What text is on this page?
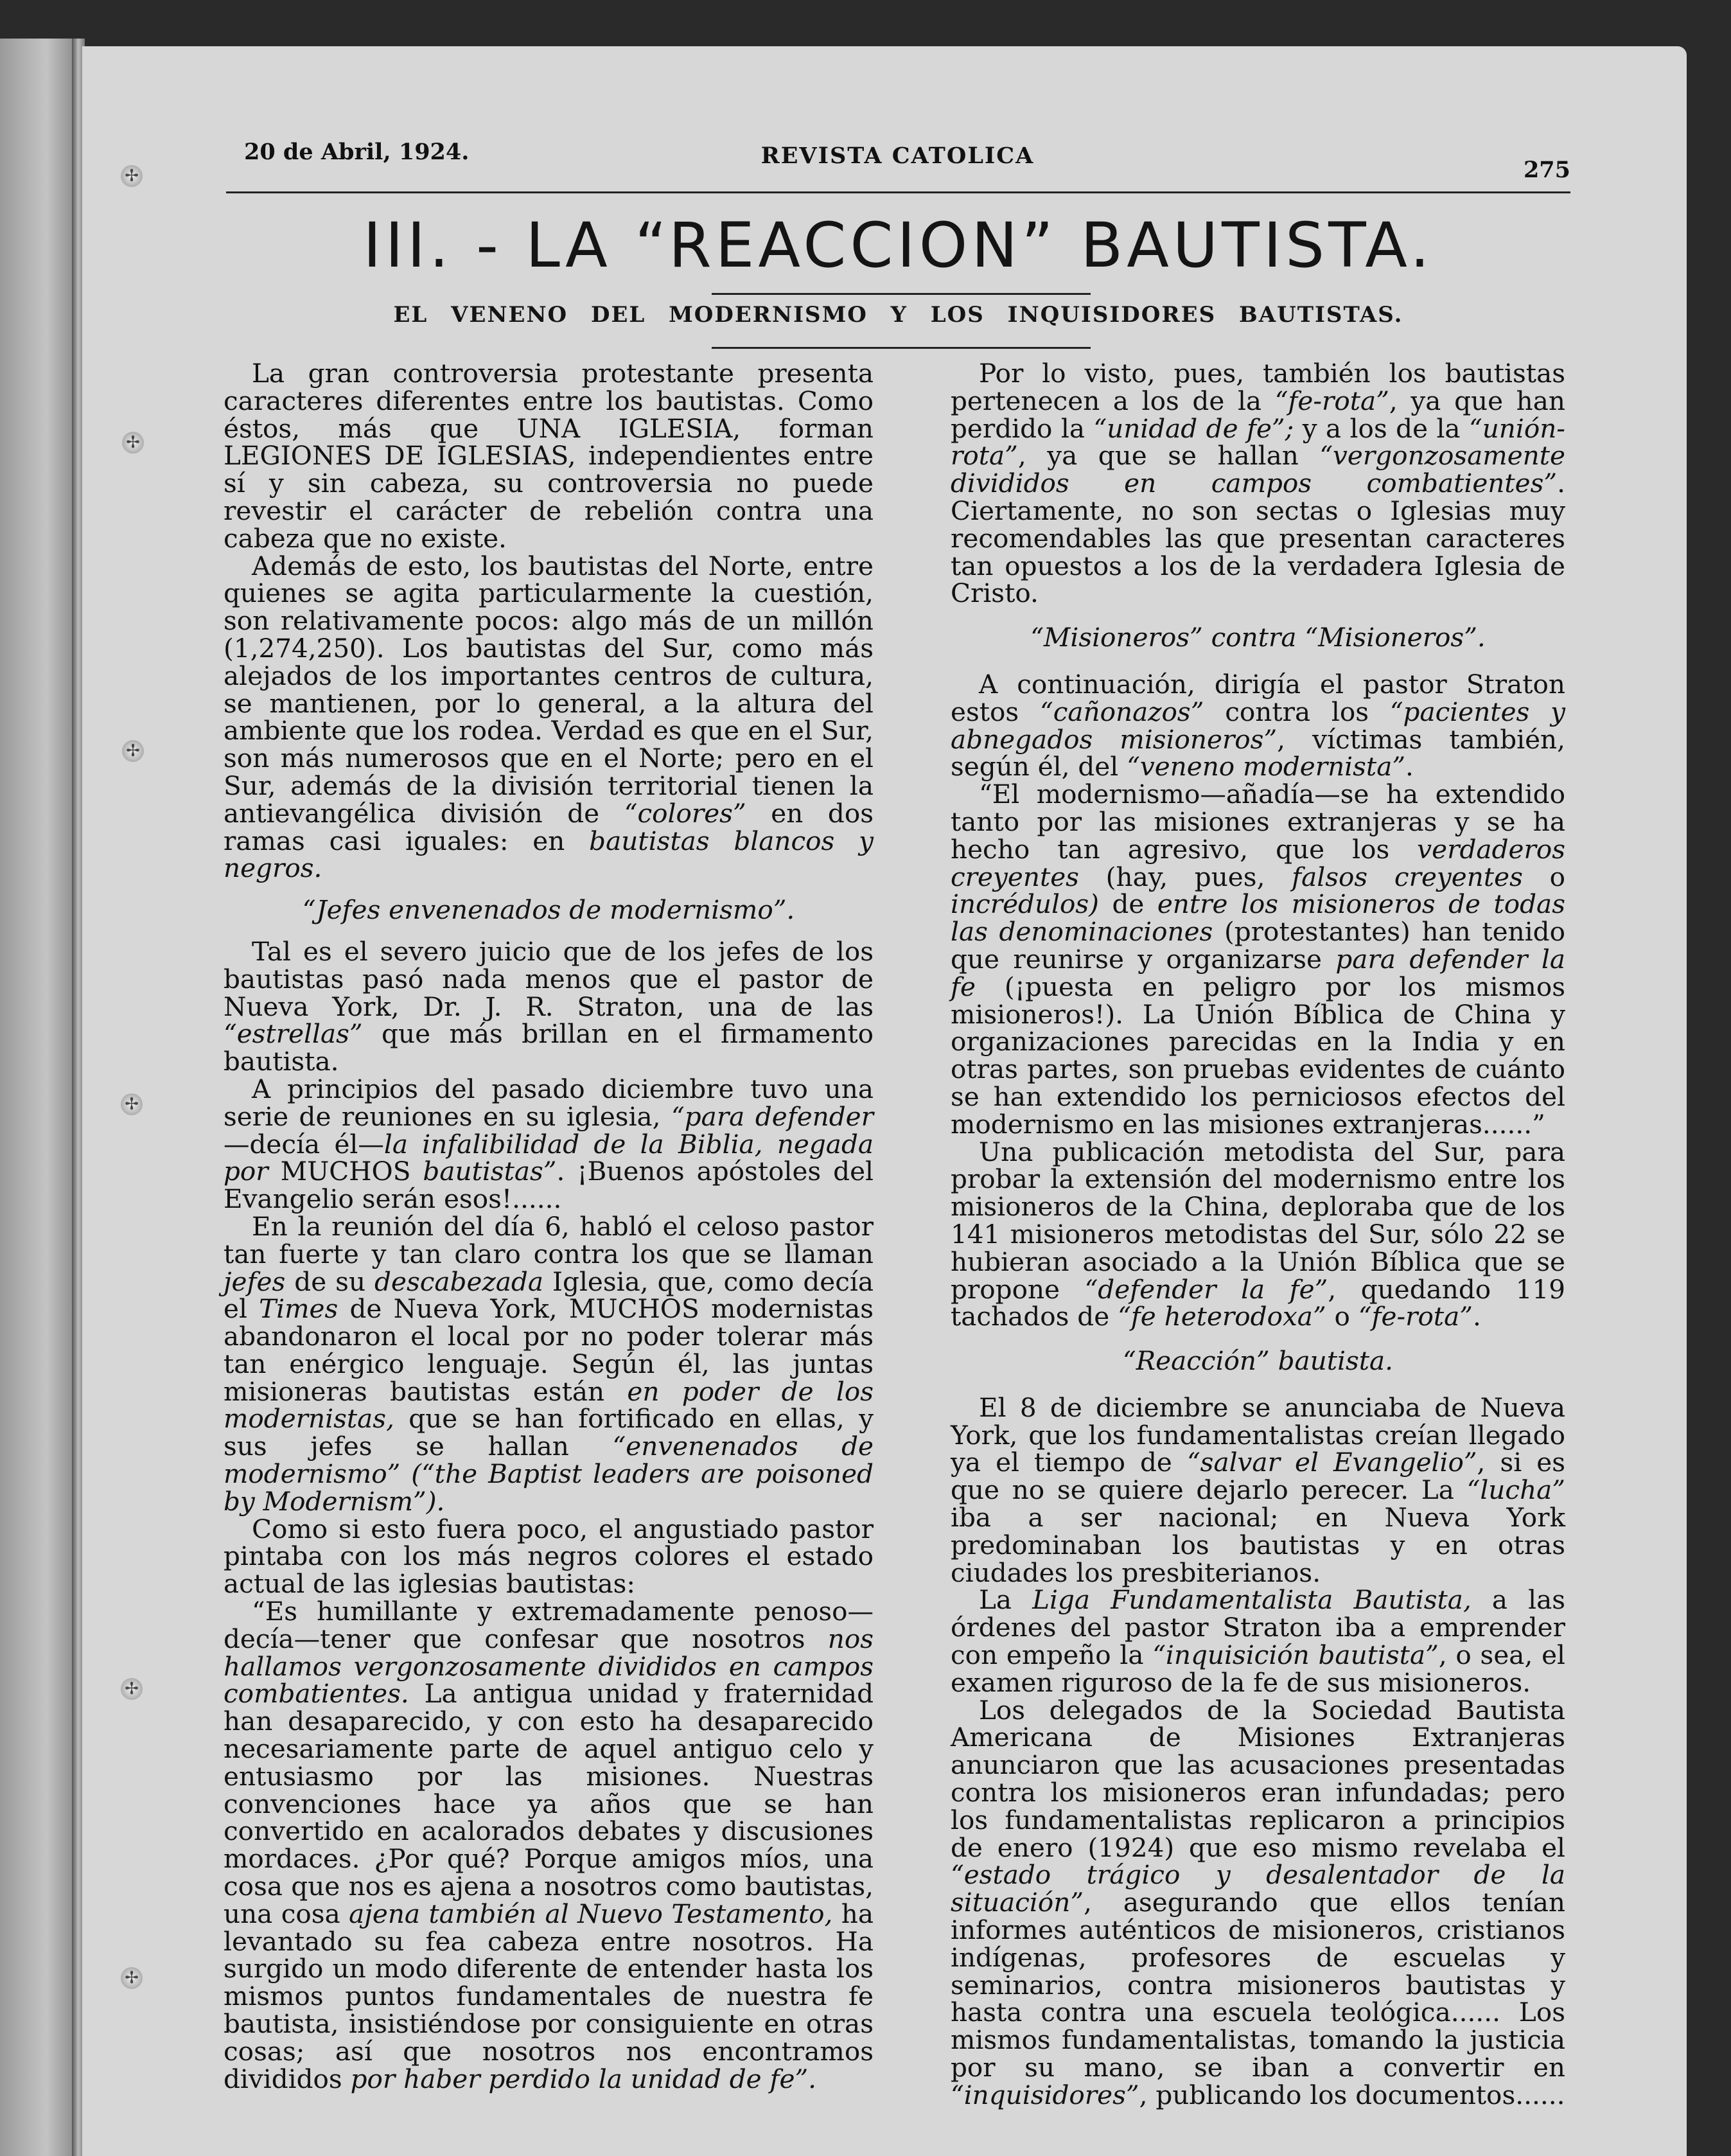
✢
✢
✢
✢
✢
✢
20 de Abril, 1924.	REVISTA CATOLICA
275
III. - LA “REACCION” BAUTISTA.
EL VENENO DEL MODERNISMO Y LOS INQUISIDORES BAUTISTAS.

La gran controversia protestante presenta caracteres diferentes entre los bautistas. Como éstos, más que UNA IGLESIA, forman LEGIONES DE IGLESIAS, independientes entre sí y sin cabeza, su controversia no puede revestir el carácter de rebelión contra una cabeza que no existe.

Además de esto, los bautistas del Norte, entre quienes se agita particularmente la cuestión, son relativamente pocos: algo más de un millón (1,274,250). Los bautistas del Sur, como más alejados de los importantes centros de cultura, se mantienen, por lo general, a la altura del ambiente que los rodea. Verdad es que en el Sur, son más numerosos que en el Norte; pero en el Sur, además de la división territorial tienen la antievangélica división de “colores” en dos ramas casi iguales: en bautistas blancos y negros.

“Jefes envenenados de modernismo”.

Tal es el severo juicio que de los jefes de los bautistas pasó nada menos que el pastor de Nueva York, Dr. J. R. Straton, una de las “estrellas” que más brillan en el firmamento bautista.

A principios del pasado diciembre tuvo una serie de reuniones en su iglesia, “para defender —decía él—la infalibilidad de la Biblia, negada por MUCHOS bautistas”. ¡Buenos apóstoles del Evangelio serán esos!......

En la reunión del día 6, habló el celoso pastor tan fuerte y tan claro contra los que se llaman jefes de su descabezada Iglesia, que, como decía el Times de Nueva York, MUCHOS modernistas abandonaron el local por no poder tolerar más tan enérgico lenguaje. Según él, las juntas misioneras bautistas están en poder de los modernistas, que se han fortificado en ellas, y sus jefes se hallan “envenenados de modernismo” (“the Baptist leaders are poisoned by Modernism”).

Como si esto fuera poco, el angustiado pastor pintaba con los más negros colores el estado actual de las iglesias bautistas:

“Es humillante y extremadamente penoso—decía—tener que confesar que nosotros nos hallamos vergonzosamente divididos en campos combatientes. La antigua unidad y fraternidad han desaparecido, y con esto ha desaparecido necesariamente parte de aquel antiguo celo y entusiasmo por las misiones. Nuestras convenciones hace ya años que se han convertido en acalorados debates y discusiones mordaces. ¿Por qué? Porque amigos míos, una cosa que nos es ajena a nosotros como bautistas, una cosa ajena también al Nuevo Testamento, ha levantado su fea cabeza entre nosotros. Ha surgido un modo diferente de entender hasta los mismos puntos fundamentales de nuestra fe bautista, insistiéndose por consiguiente en otras cosas; así que nosotros nos encontramos divididos por haber perdido la unidad de fe”.

Por lo visto, pues, también los bautistas pertenecen a los de la “fe-rota”, ya que han perdido la “unidad de fe”; y a los de la “unión-rota”, ya que se hallan “vergonzosamente divididos en campos combatientes”. Ciertamente, no son sectas o Iglesias muy recomendables las que presentan caracteres tan opuestos a los de la verdadera Iglesia de Cristo.

“Misioneros” contra “Misioneros”.

A continuación, dirigía el pastor Straton estos “cañonazos” contra los “pacientes y abnegados misioneros”, víctimas también, según él, del “veneno modernista”.

“El modernismo—añadía—se ha extendido tanto por las misiones extranjeras y se ha hecho tan agresivo, que los verdaderos creyentes (hay, pues, falsos creyentes o incrédulos) de entre los misioneros de todas las denominaciones (protestantes) han tenido que reunirse y organizarse para defender la fe (¡puesta en peligro por los mismos misioneros!). La Unión Bíblica de China y organizaciones parecidas en la India y en otras partes, son pruebas evidentes de cuánto se han extendido los perniciosos efectos del modernismo en las misiones extranjeras......”

Una publicación metodista del Sur, para probar la extensión del modernismo entre los misioneros de la China, deploraba que de los 141 misioneros metodistas del Sur, sólo 22 se hubieran asociado a la Unión Bíblica que se propone “defender la fe”, quedando 119 tachados de “fe heterodoxa” o “fe-rota”.

“Reacción” bautista.

El 8 de diciembre se anunciaba de Nueva York, que los fundamentalistas creían llegado ya el tiempo de “salvar el Evangelio”, si es que no se quiere dejarlo perecer. La “lucha” iba a ser nacional; en Nueva York predominaban los bautistas y en otras ciudades los presbiterianos.

La Liga Fundamentalista Bautista, a las órdenes del pastor Straton iba a emprender con empeño la “inquisición bautista”, o sea, el examen riguroso de la fe de sus misioneros.

Los delegados de la Sociedad Bautista Americana de Misiones Extranjeras anunciaron que las acusaciones presentadas contra los misioneros eran infundadas; pero los fundamentalistas replicaron a principios de enero (1924) que eso mismo revelaba el “estado trágico y desalentador de la situación”, asegurando que ellos tenían informes auténticos de misioneros, cristianos indígenas, profesores de escuelas y seminarios, contra misioneros bautistas y hasta contra una escuela teológica...... Los mismos fundamentalistas, tomando la justicia por su mano, se iban a convertir en “inquisidores”, publicando los documentos......
